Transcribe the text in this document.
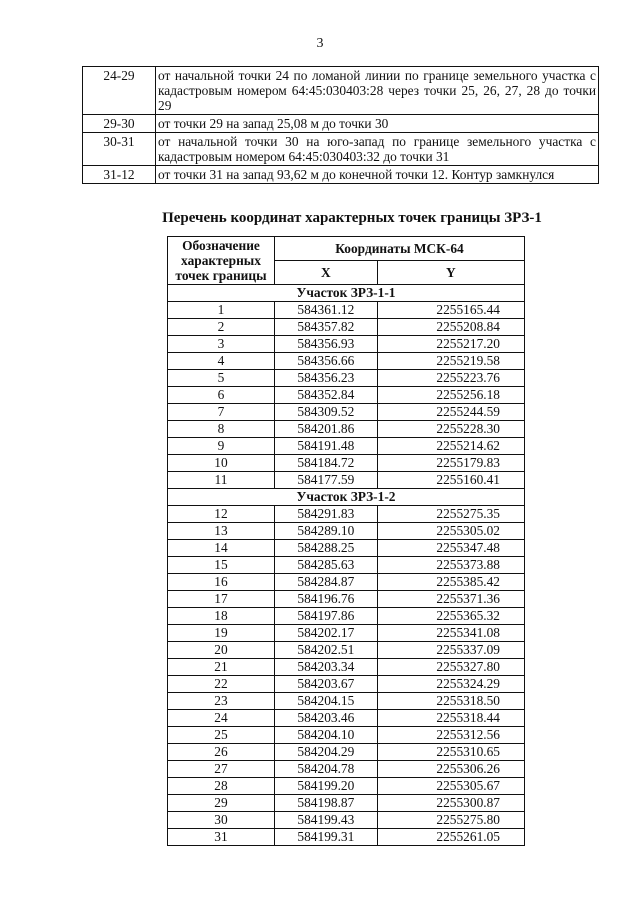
3
24-29	от начальной точки 24 по ломаной линии по границе земельного участка с кадастровым номером 64:45:030403:28 через точки 25, 26, 27, 28 до точки 29
29-30	от точки 29 на запад 25,08 м до точки 30
30-31	от начальной точки 30 на юго-запад по границе земельного участка с кадастровым номером 64:45:030403:32 до точки 31
31-12	от точки 31 на запад 93,62 м до конечной точки 12. Контур замкнулся
Перечень координат характерных точек границы ЗРЗ-1
Обозначение характерных точек границы	Координаты МСК-64	
	X	Y
Участок ЗРЗ-1-1		
1	584361.12	2255165.44
2	584357.82	2255208.84
3	584356.93	2255217.20
4	584356.66	2255219.58
5	584356.23	2255223.76
6	584352.84	2255256.18
7	584309.52	2255244.59
8	584201.86	2255228.30
9	584191.48	2255214.62
10	584184.72	2255179.83
11	584177.59	2255160.41
Участок ЗРЗ-1-2		
12	584291.83	2255275.35
13	584289.10	2255305.02
14	584288.25	2255347.48
15	584285.63	2255373.88
16	584284.87	2255385.42
17	584196.76	2255371.36
18	584197.86	2255365.32
19	584202.17	2255341.08
20	584202.51	2255337.09
21	584203.34	2255327.80
22	584203.67	2255324.29
23	584204.15	2255318.50
24	584203.46	2255318.44
25	584204.10	2255312.56
26	584204.29	2255310.65
27	584204.78	2255306.26
28	584199.20	2255305.67
29	584198.87	2255300.87
30	584199.43	2255275.80
31	584199.31	2255261.05
